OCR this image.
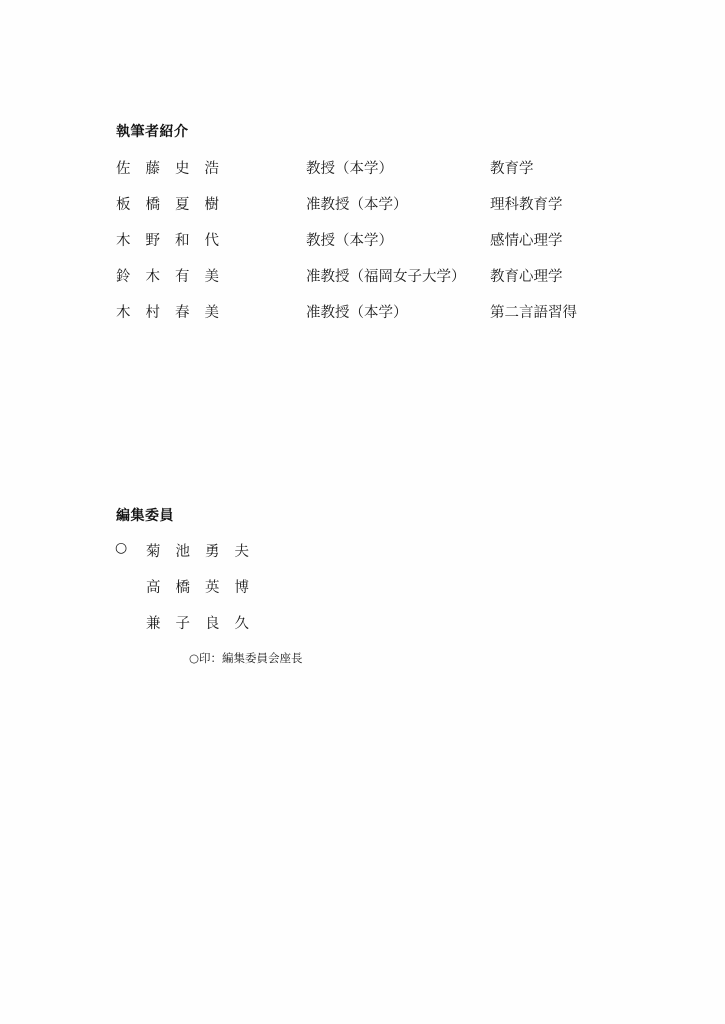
執筆者紹介
佐藤史浩	教授（本学）	教育学
板橋夏樹	准教授（本学）	理科教育学
木野和代	教授（本学）	感情心理学
鈴木有美	准教授（福岡女子大学） 教育心理学
木村春美	准教授（本学）	第二言語習得
編集委員
○ 菊池勇夫
高橋英博
兼子良久
○印：編集委員会座長
